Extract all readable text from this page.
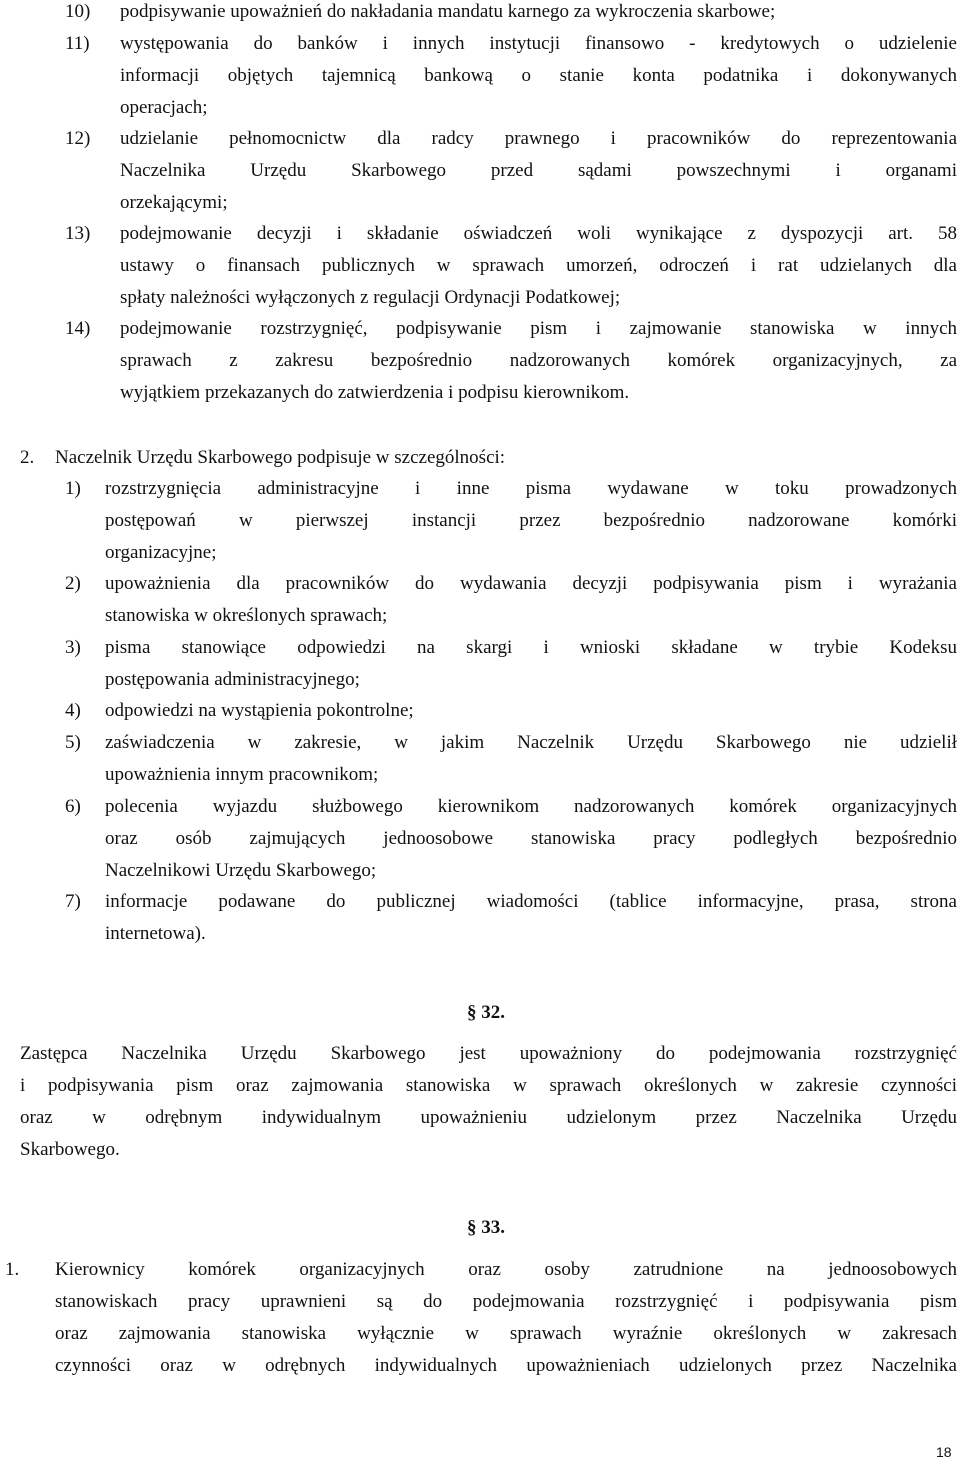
10) podpisywanie upoważnień do nakładania mandatu karnego za wykroczenia skarbowe;
11) występowania do banków i innych instytucji finansowo - kredytowych o udzielenie
informacji objętych tajemnicą bankową o stanie konta podatnika i dokonywanych
operacjach;
12) udzielanie pełnomocnictw dla radcy prawnego i pracowników do reprezentowania
Naczelnika Urzędu Skarbowego przed sądami powszechnymi i organami
orzekającymi;
13) podejmowanie decyzji i składanie oświadczeń woli wynikające z dyspozycji art. 58
ustawy o finansach publicznych w sprawach umorzeń, odroczeń i rat udzielanych dla
spłaty należności wyłączonych z regulacji Ordynacji Podatkowej;
14) podejmowanie rozstrzygnięć, podpisywanie pism i zajmowanie stanowiska w innych
sprawach z zakresu bezpośrednio nadzorowanych komórek organizacyjnych, za
wyjątkiem przekazanych do zatwierdzenia i podpisu kierownikom.
2. Naczelnik Urzędu Skarbowego podpisuje w szczególności:
1) rozstrzygnięcia administracyjne i inne pisma wydawane w toku prowadzonych
postępowań w pierwszej instancji przez bezpośrednio nadzorowane komórki
organizacyjne;
2) upoważnienia dla pracowników do wydawania decyzji podpisywania pism i wyrażania
stanowiska w określonych sprawach;
3) pisma stanowiące odpowiedzi na skargi i wnioski składane w trybie Kodeksu
postępowania administracyjnego;
4) odpowiedzi na wystąpienia pokontrolne;
5) zaświadczenia w zakresie, w jakim Naczelnik Urzędu Skarbowego nie udzielił
upoważnienia innym pracownikom;
6) polecenia wyjazdu służbowego kierownikom nadzorowanych komórek organizacyjnych
oraz osób zajmujących jednoosobowe stanowiska pracy podległych bezpośrednio
Naczelnikowi Urzędu Skarbowego;
7) informacje podawane do publicznej wiadomości (tablice informacyjne, prasa, strona
internetowa).
§ 32.
Zastępca Naczelnika Urzędu Skarbowego jest upoważniony do podejmowania rozstrzygnięć
i podpisywania pism oraz zajmowania stanowiska w sprawach określonych w zakresie czynności
oraz w odrębnym indywidualnym upoważnieniu udzielonym przez Naczelnika Urzędu
Skarbowego.
§ 33.
1. Kierownicy komórek organizacyjnych oraz osoby zatrudnione na jednoosobowych
stanowiskach pracy uprawnieni są do podejmowania rozstrzygnięć i podpisywania pism
oraz zajmowania stanowiska wyłącznie w sprawach wyraźnie określonych w zakresach
czynności oraz w odrębnych indywidualnych upoważnieniach udzielonych przez Naczelnika
18
